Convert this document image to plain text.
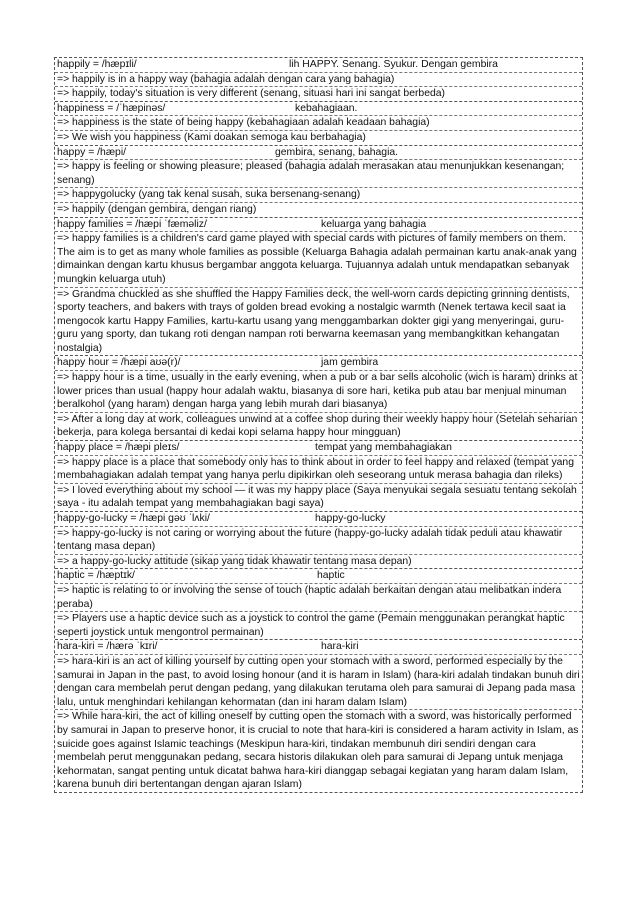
happily = /hæpɪli/	lih HAPPY. Senang. Syukur. Dengan gembira
=> happily is in a happy way (bahagia adalah dengan cara yang bahagia)
=> happily, today's situation is very different (senang, situasi hari ini sangat berbeda)
happiness = /ˈhæpinəs/	kebahagiaan.
=> happiness is the state of being happy (kebahagiaan adalah keadaan bahagia)
=> We wish you happiness (Kami doakan semoga kau berbahagia)
happy = /hæpi/	gembira, senang, bahagia.
=> happy is feeling or showing pleasure; pleased (bahagia adalah merasakan atau menunjukkan kesenangan; senang)
=> happygolucky (yang tak kenal susah, suka bersenang-senang)
=> happily (dengan gembira, dengan riang)
happy families = /hæpi ˈfæməliz/	keluarga yang bahagia
=> happy families is a children's card game played with special cards with pictures of family members on them. The aim is to get as many whole families as possible (Keluarga Bahagia adalah permainan kartu anak-anak yang dimainkan dengan kartu khusus bergambar anggota keluarga. Tujuannya adalah untuk mendapatkan sebanyak mungkin keluarga utuh)
=> Grandma chuckled as she shuffled the Happy Families deck, the well-worn cards depicting grinning dentists, sporty teachers, and bakers with trays of golden bread evoking a nostalgic warmth (Nenek tertawa kecil saat ia mengocok kartu Happy Families, kartu-kartu usang yang menggambarkan dokter gigi yang menyeringai, guru-guru yang sporty, dan tukang roti dengan nampan roti berwarna keemasan yang membangkitkan kehangatan nostalgia)
happy hour = /hæpi aʊə(r)/	jam gembira
=> happy hour is a time, usually in the early evening, when a pub or a bar sells alcoholic (wich is haram) drinks at lower prices than usual (happy hour adalah waktu, biasanya di sore hari, ketika pub atau bar menjual minuman beralkohol (yang haram) dengan harga yang lebih murah dari biasanya)
=> After a long day at work, colleagues unwind at a coffee shop during their weekly happy hour (Setelah seharian bekerja, para kolega bersantai di kedai kopi selama happy hour mingguan)
happy place = /hæpi pleɪs/	tempat yang membahagiakan
=> happy place is a place that somebody only has to think about in order to feel happy and relaxed (tempat yang membahagiakan adalah tempat yang hanya perlu dipikirkan oleh seseorang untuk merasa bahagia dan rileks)
=> I loved everything about my school — it was my happy place (Saya menyukai segala sesuatu tentang sekolah saya - itu adalah tempat yang membahagiakan bagi saya)
happy-go-lucky = /hæpi gəʊ ˈlʌki/	happy-go-lucky
=> happy-go-lucky is not caring or worrying about the future (happy-go-lucky adalah tidak peduli atau khawatir tentang masa depan)
=> a happy-go-lucky attitude (sikap yang tidak khawatir tentang masa depan)
haptic = /hæptɪk/	haptic
=> haptic is relating to or involving the sense of touch (haptic adalah berkaitan dengan atau melibatkan indera peraba)
=> Players use a haptic device such as a joystick to control the game (Pemain menggunakan perangkat haptic seperti joystick untuk mengontrol permainan)
hara-kiri = /hærə ˈkɪri/	hara-kiri
=> hara-kiri is an act of killing yourself by cutting open your stomach with a sword, performed especially by the samurai in Japan in the past, to avoid losing honour (and it is haram in Islam) (hara-kiri adalah tindakan bunuh diri dengan cara membelah perut dengan pedang, yang dilakukan terutama oleh para samurai di Jepang pada masa lalu, untuk menghindari kehilangan kehormatan (dan ini haram dalam Islam)
=> While hara-kiri, the act of killing oneself by cutting open the stomach with a sword, was historically performed by samurai in Japan to preserve honor, it is crucial to note that hara-kiri is considered a haram activity in Islam, as suicide goes against Islamic teachings (Meskipun hara-kiri, tindakan membunuh diri sendiri dengan cara membelah perut menggunakan pedang, secara historis dilakukan oleh para samurai di Jepang untuk menjaga kehormatan, sangat penting untuk dicatat bahwa hara-kiri dianggap sebagai kegiatan yang haram dalam Islam, karena bunuh diri bertentangan dengan ajaran Islam)
